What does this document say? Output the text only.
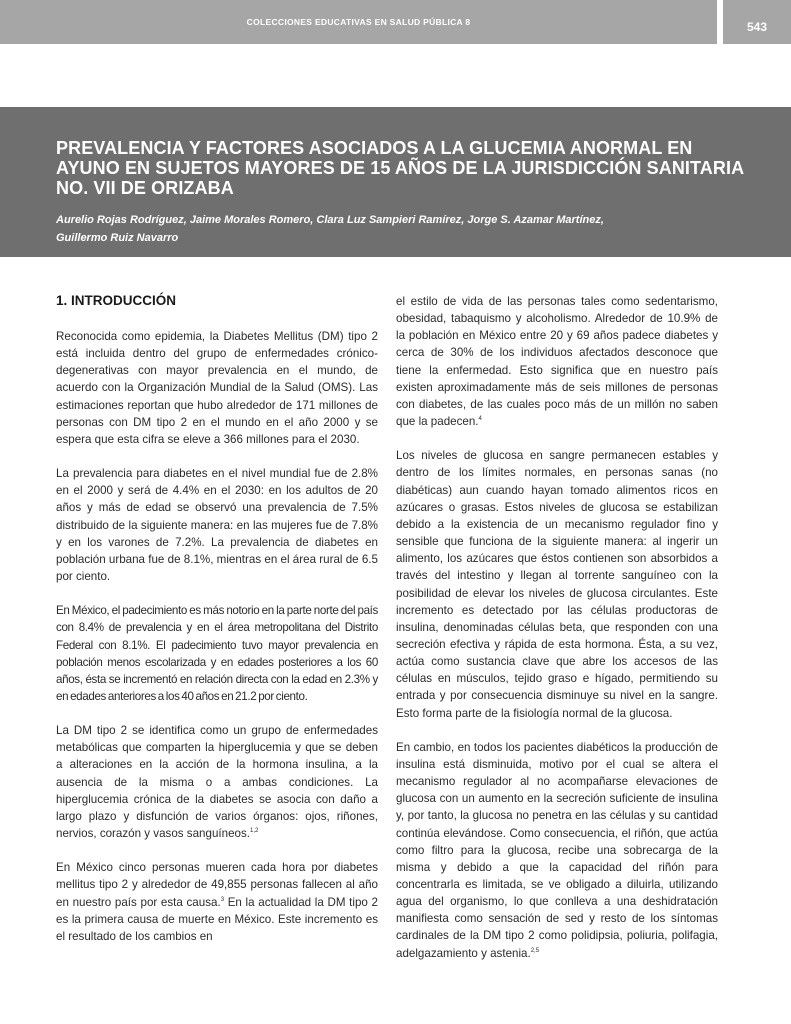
COLECCIONES EDUCATIVAS EN SALUD PÚBLICA 8	543
PREVALENCIA Y FACTORES ASOCIADOS A LA GLUCEMIA ANORMAL EN AYUNO EN SUJETOS MAYORES DE 15 AÑOS DE LA JURISDICCIÓN SANITARIA NO. VII DE ORIZABA

Aurelio Rojas Rodríguez, Jaime Morales Romero, Clara Luz Sampieri Ramírez, Jorge S. Azamar Martínez,
Guillermo Ruiz Navarro

1. INTRODUCCIÓN

Reconocida como epidemia, la Diabetes Mellitus (DM) tipo 2 está incluida dentro del grupo de enfermedades crónico-degenerativas con mayor prevalencia en el mundo, de acuerdo con la Organización Mundial de la Salud (OMS). Las estimaciones reportan que hubo alrededor de 171 millones de personas con DM tipo 2 en el mundo en el año 2000 y se espera que esta cifra se eleve a 366 millones para el 2030.

La prevalencia para diabetes en el nivel mundial fue de 2.8% en el 2000 y será de 4.4% en el 2030: en los adultos de 20 años y más de edad se observó una prevalencia de 7.5% distribuido de la siguiente manera: en las mujeres fue de 7.8% y en los varones de 7.2%. La prevalencia de diabetes en población urbana fue de 8.1%, mientras en el área rural de 6.5 por ciento.

En México, el padecimiento es más notorio en la parte norte del país con 8.4% de prevalencia y en el área metropolitana del Distrito Federal con 8.1%. El padecimiento tuvo mayor prevalencia en población menos escolarizada y en edades posteriores a los 60 años, ésta se incrementó en relación directa con la edad en 2.3% y en edades anteriores a los 40 años en 21.2 por ciento.

La DM tipo 2 se identifica como un grupo de enfermedades metabólicas que comparten la hiperglucemia y que se deben a alteraciones en la acción de la hormona insulina, a la ausencia de la misma o a ambas condiciones. La hiperglucemia crónica de la diabetes se asocia con daño a largo plazo y disfunción de varios órganos: ojos, riñones, nervios, corazón y vasos sanguíneos.$^{1,2}$

En México cinco personas mueren cada hora por diabetes mellitus tipo 2 y alrededor de 49,855 personas fallecen al año en nuestro país por esta causa.$^3$ En la actualidad la DM tipo 2 es la primera causa de muerte en México. Este incremento es el resultado de los cambios en

el estilo de vida de las personas tales como sedentarismo, obesidad, tabaquismo y alcoholismo. Alrededor de 10.9% de la población en México entre 20 y 69 años padece diabetes y cerca de 30% de los individuos afectados desconoce que tiene la enfermedad. Esto significa que en nuestro país existen aproximadamente más de seis millones de personas con diabetes, de las cuales poco más de un millón no saben que la padecen.$^4$

Los niveles de glucosa en sangre permanecen estables y dentro de los límites normales, en personas sanas (no diabéticas) aun cuando hayan tomado alimentos ricos en azúcares o grasas. Estos niveles de glucosa se estabilizan debido a la existencia de un mecanismo regulador fino y sensible que funciona de la siguiente manera: al ingerir un alimento, los azúcares que éstos contienen son absorbidos a través del intestino y llegan al torrente sanguíneo con la posibilidad de elevar los niveles de glucosa circulantes. Este incremento es detectado por las células productoras de insulina, denominadas células beta, que responden con una secreción efectiva y rápida de esta hormona. Ésta, a su vez, actúa como sustancia clave que abre los accesos de las células en músculos, tejido graso e hígado, permitiendo su entrada y por consecuencia disminuye su nivel en la sangre. Esto forma parte de la fisiología normal de la glucosa.

En cambio, en todos los pacientes diabéticos la producción de insulina está disminuida, motivo por el cual se altera el mecanismo regulador al no acompañarse elevaciones de glucosa con un aumento en la secreción suficiente de insulina y, por tanto, la glucosa no penetra en las células y su cantidad continúa elevándose. Como consecuencia, el riñón, que actúa como filtro para la glucosa, recibe una sobrecarga de la misma y debido a que la capacidad del riñón para concentrarla es limitada, se ve obligado a diluirla, utilizando agua del organismo, lo que conlleva a una deshidratación manifiesta como sensación de sed y resto de los síntomas cardinales de la DM tipo 2 como polidipsia, poliuria, polifagia, adelgazamiento y astenia.$^{2,5}$
